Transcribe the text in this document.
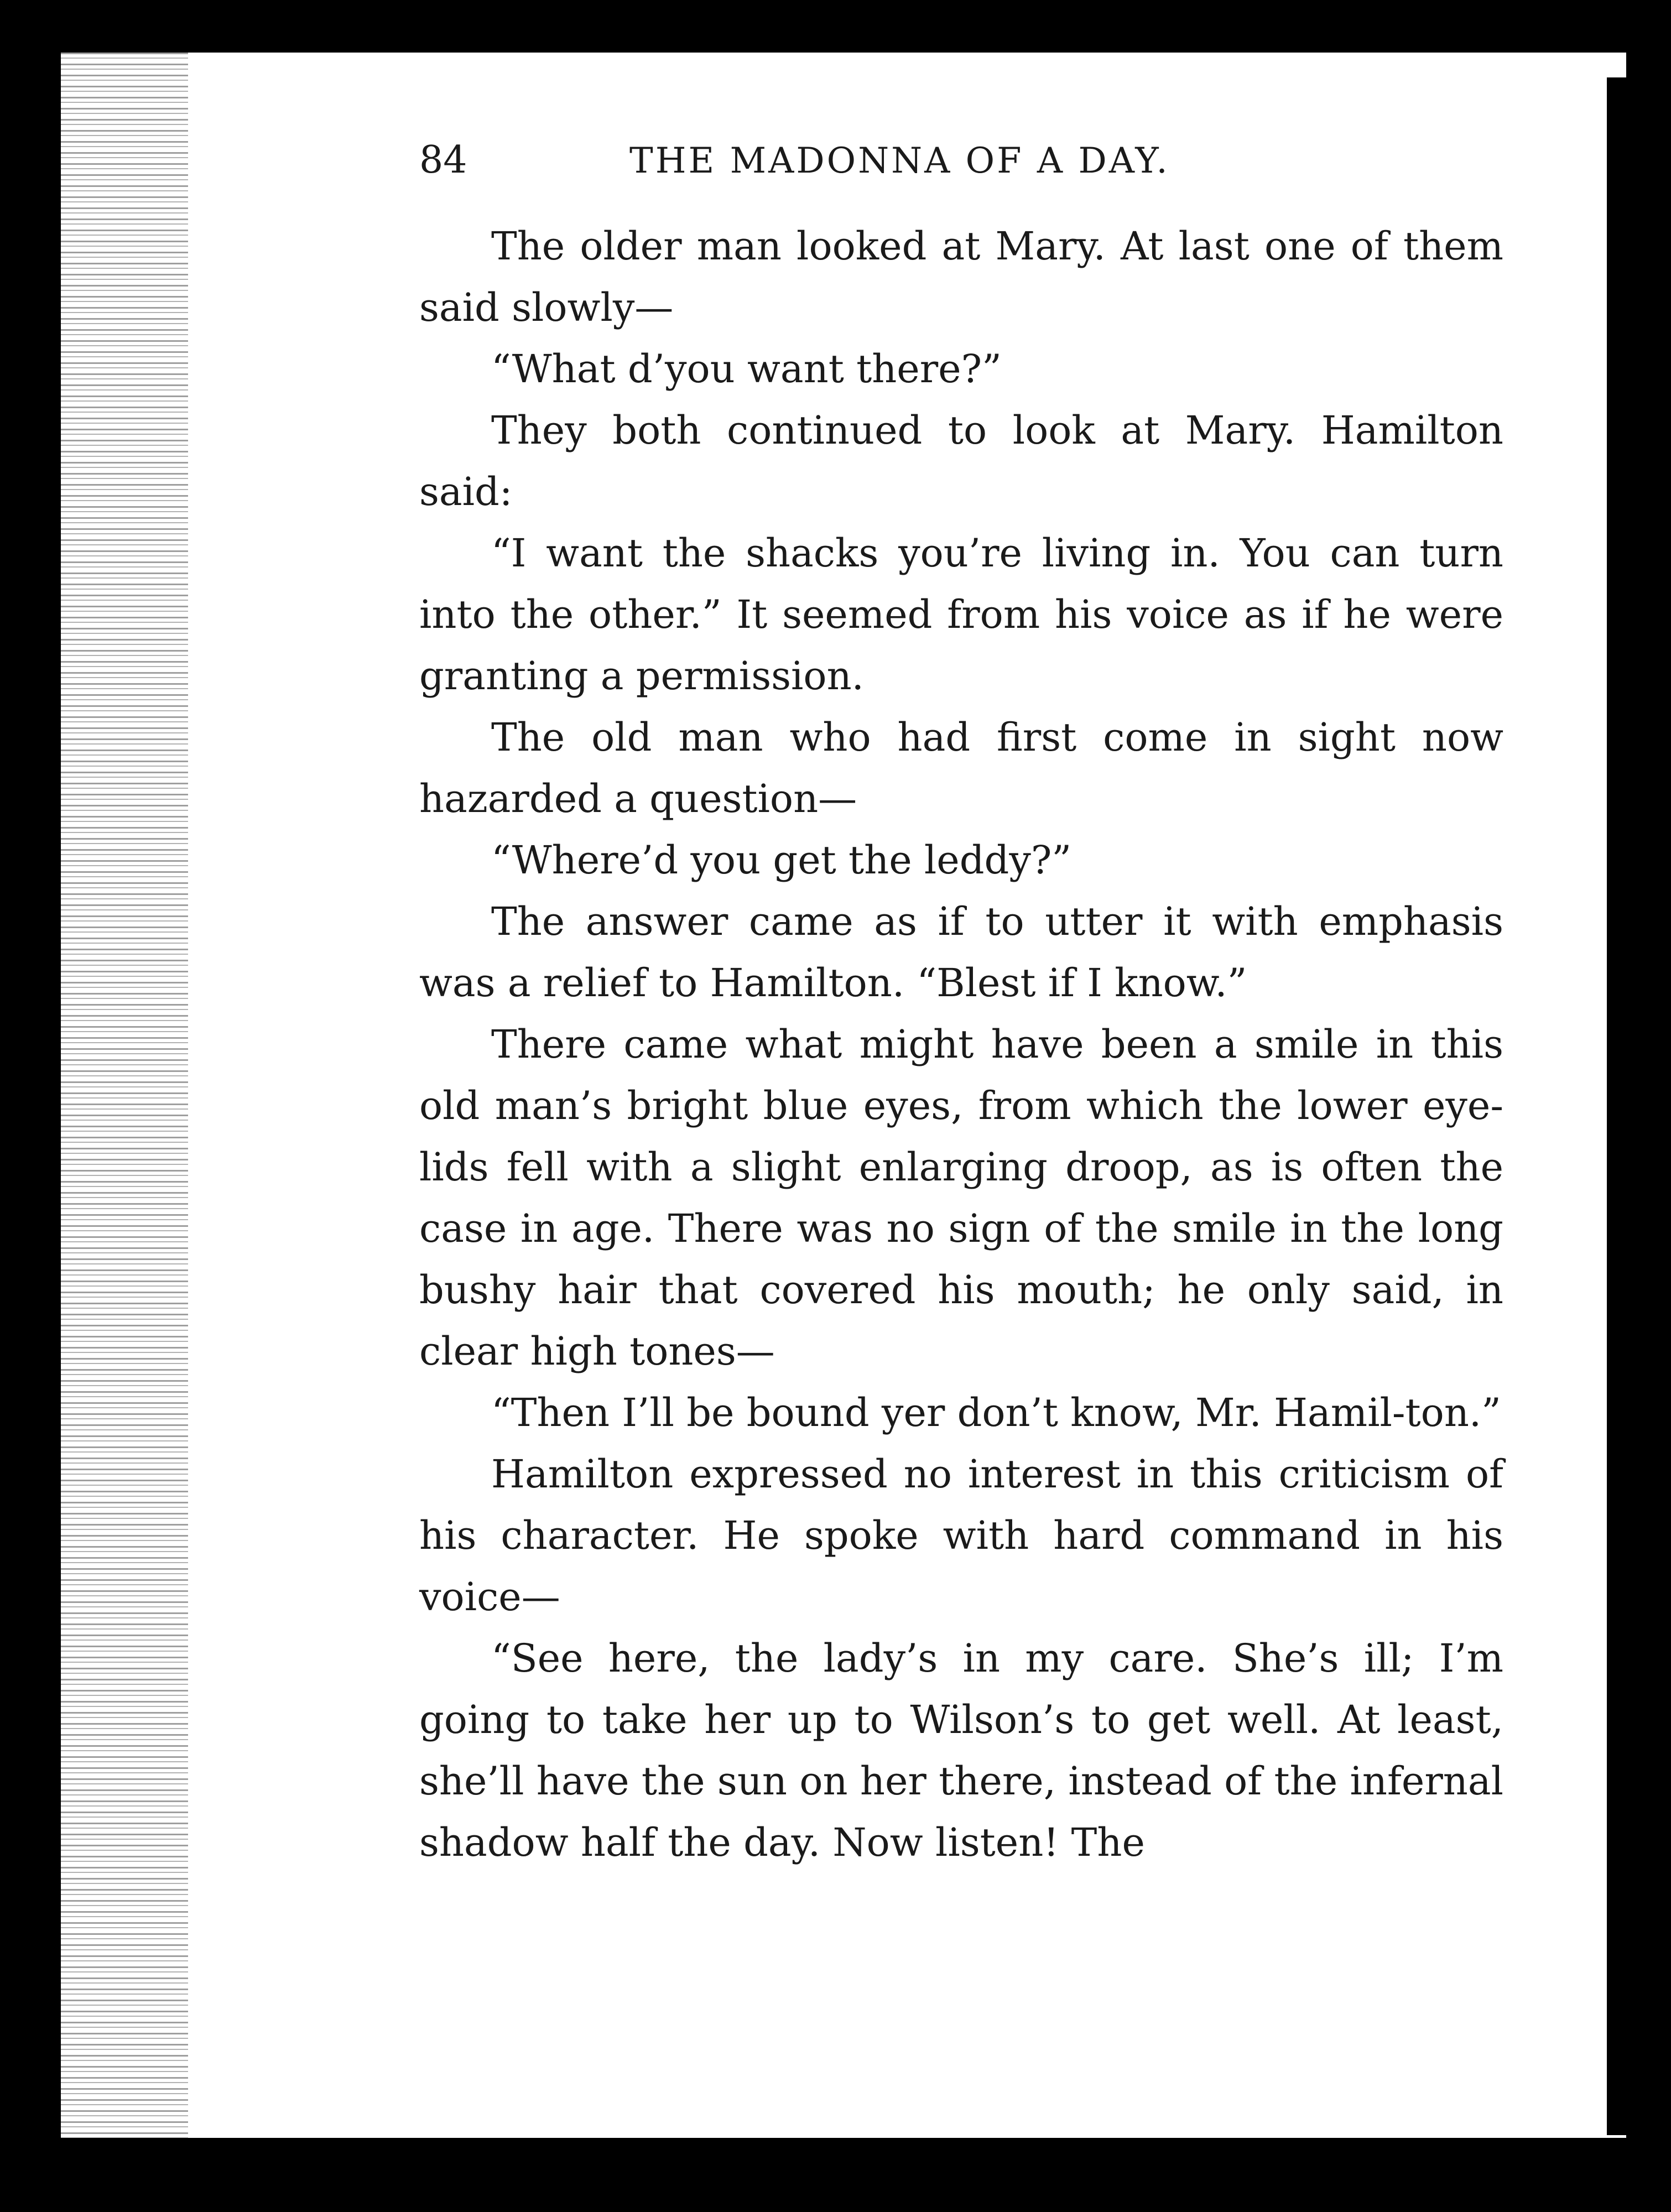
84	THE MADONNA OF A DAY.

The older man looked at Mary. At last one of them said slowly—

“What d’you want there?”

They both continued to look at Mary. Hamilton said:

“I want the shacks you’re living in. You can turn into the other.” It seemed from his voice as if he were granting a permission.

The old man who had first come in sight now hazarded a question—

“Where’d you get the leddy?”

The answer came as if to utter it with emphasis was a relief to Hamilton. “Blest if I know.”

There came what might have been a smile in this old man’s bright blue eyes, from which the lower eye-lids fell with a slight enlarging droop, as is often the case in age. There was no sign of the smile in the long bushy hair that covered his mouth; he only said, in clear high tones—

“Then I’ll be bound yer don’t know, Mr. Hamil-ton.”

Hamilton expressed no interest in this criticism of his character. He spoke with hard command in his voice—

“See here, the lady’s in my care. She’s ill; I’m going to take her up to Wilson’s to get well. At least, she’ll have the sun on her there, instead of the infernal shadow half the day. Now listen! The
